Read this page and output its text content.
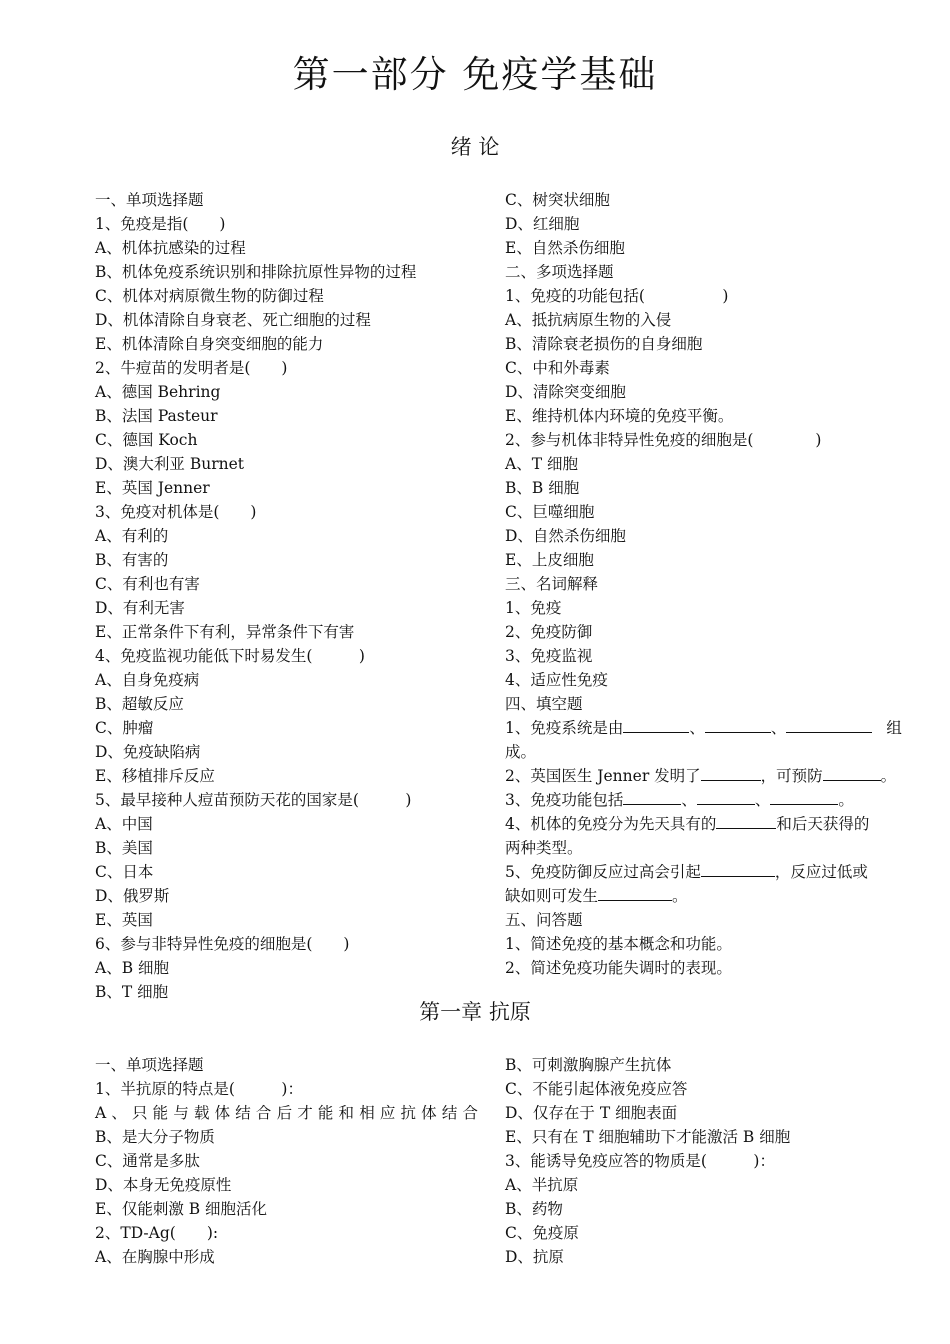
第一部分 免疫学基础
绪 论
一、单项选择题
1、免疫是指(　　)
A、机体抗感染的过程
B、机体免疫系统识别和排除抗原性异物的过程
C、机体对病原微生物的防御过程
D、机体清除自身衰老、死亡细胞的过程
E、机体清除自身突变细胞的能力
2、牛痘苗的发明者是(　　)
A、德国 Behring
B、法国 Pasteur
C、德国 Koch
D、澳大利亚 Burnet
E、英国 Jenner
3、免疫对机体是(　　)
A、有利的
B、有害的
C、有利也有害
D、有利无害
E、正常条件下有利，异常条件下有害
4、免疫监视功能低下时易发生(　　　)
A、自身免疫病
B、超敏反应
C、肿瘤
D、免疫缺陷病
E、移植排斥反应
5、最早接种人痘苗预防天花的国家是(　　　)
A、中国
B、美国
C、日本
D、俄罗斯
E、英国
6、参与非特异性免疫的细胞是(　　)
A、B 细胞
B、T 细胞
C、树突状细胞
D、红细胞
E、自然杀伤细胞
二、多项选择题
1、免疫的功能包括(　　　　　)
A、抵抗病原生物的入侵
B、清除衰老损伤的自身细胞
C、中和外毒素
D、清除突变细胞
E、维持机体内环境的免疫平衡。
2、参与机体非特异性免疫的细胞是(　　　　)
A、T 细胞
B、B 细胞
C、巨噬细胞
D、自然杀伤细胞
E、上皮细胞
三、名词解释
1、免疫
2、免疫防御
3、免疫监视
4、适应性免疫
四、填空题
1、免疫系统是由	、	、	组
成。
2、英国医生 Jenner 发明了	，可预防	。
3、免疫功能包括	、	、	。
4、机体的免疫分为先天具有的	和后天获得的
两种类型。
5、免疫防御反应过高会引起	，反应过低或
缺如则可发生	。
五、问答题
1、简述免疫的基本概念和功能。
2、简述免疫功能失调时的表现。
第一章 抗原
一、单项选择题
1、半抗原的特点是(　　　)：
A、只能与载体结合后才能和相应抗体结合
B、是大分子物质
C、通常是多肽
D、本身无免疫原性
E、仅能刺激 B 细胞活化
2、TD-Ag(　　):
A、在胸腺中形成
B、可刺激胸腺产生抗体
C、不能引起体液免疫应答
D、仅存在于 T 细胞表面
E、只有在 T 细胞辅助下才能激活 B 细胞
3、能诱导免疫应答的物质是(　　　)：
A、半抗原
B、药物
C、免疫原
D、抗原
